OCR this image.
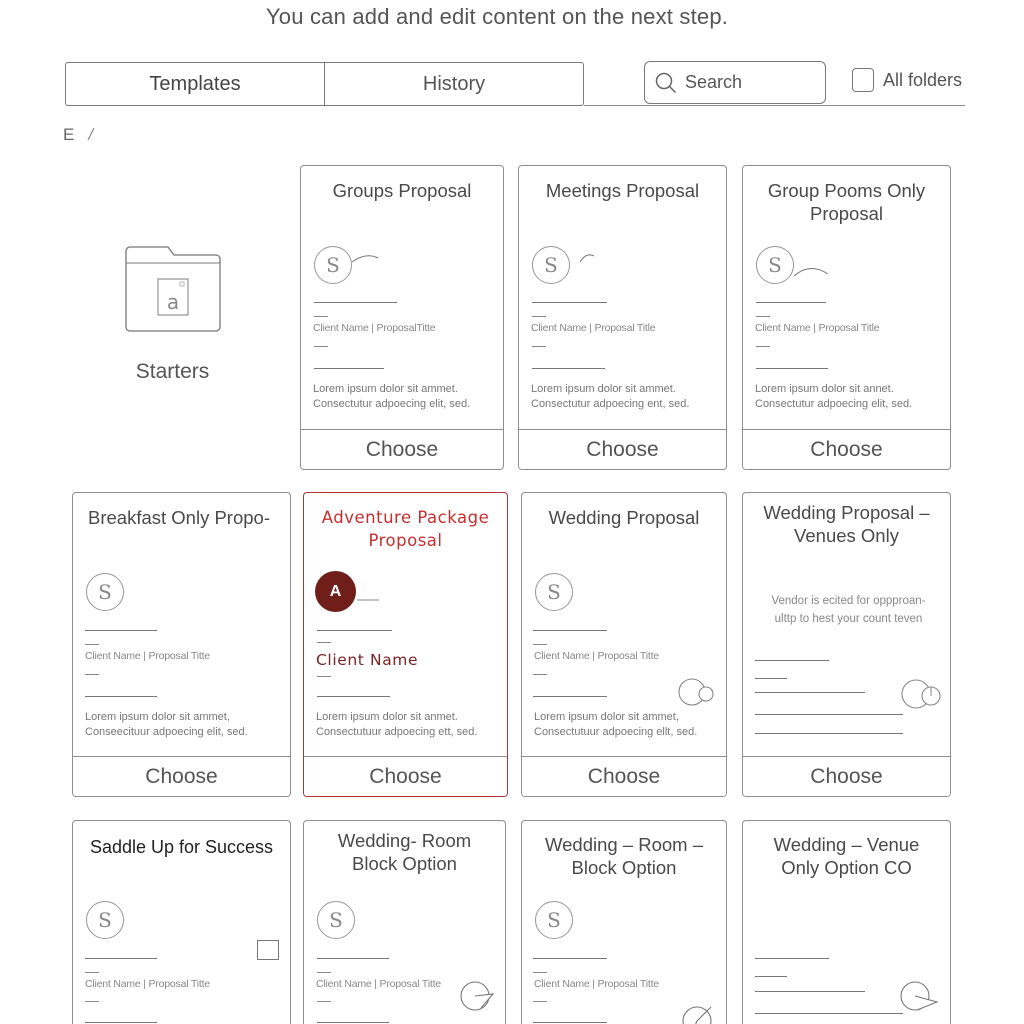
You can add and edit content on the next step.
Templates	History
Search	All folders
E /
a
Starters
Groups Proposal
S
Client Name | ProposalTitte
Lorem ipsum dolor sit ammet.
Consectutur adpoecing elit, sed.
Choose
Meetings Proposal
S
Client Name | Proposal Title
Lorem ipsum dolor sit ammet.
Consectutur adpoecing ent, sed.
Choose
Group Pooms Only Proposal
S
Client Name | Proposal Title
Lorem ipsum dolor sit annet.
Consectutur adpoecing elit, sed.
Choose
Breakfast Only Propo-
S
Client Name | Proposal Titte
Lorem ipsum dolor sit ammet,
Conseecituur adpoecing elit, sed.
Choose
Adventure Package Proposal
A
Client Name
Lorem ipsum dolor sit anmet.
Consectutuur adpoecing ett, sed.
Choose
Wedding Proposal
S
Client Name | Proposal Titte
Lorem ipsum dolor sit ammet,
Consectutuur adpoecing ellt, sed.
Choose
Wedding Proposal – Venues Only
Vendor is ecited for oppproan-
ulttp to hest your count teven
Choose
Saddle Up for Success
S
Client Name | Proposal Titte
Wedding- Room Block Option
S
Client Name | Proposal Titte
Wedding – Room – Block Option
S
Client Name | Proposal Titte
Wedding – Venue Only Option CO
